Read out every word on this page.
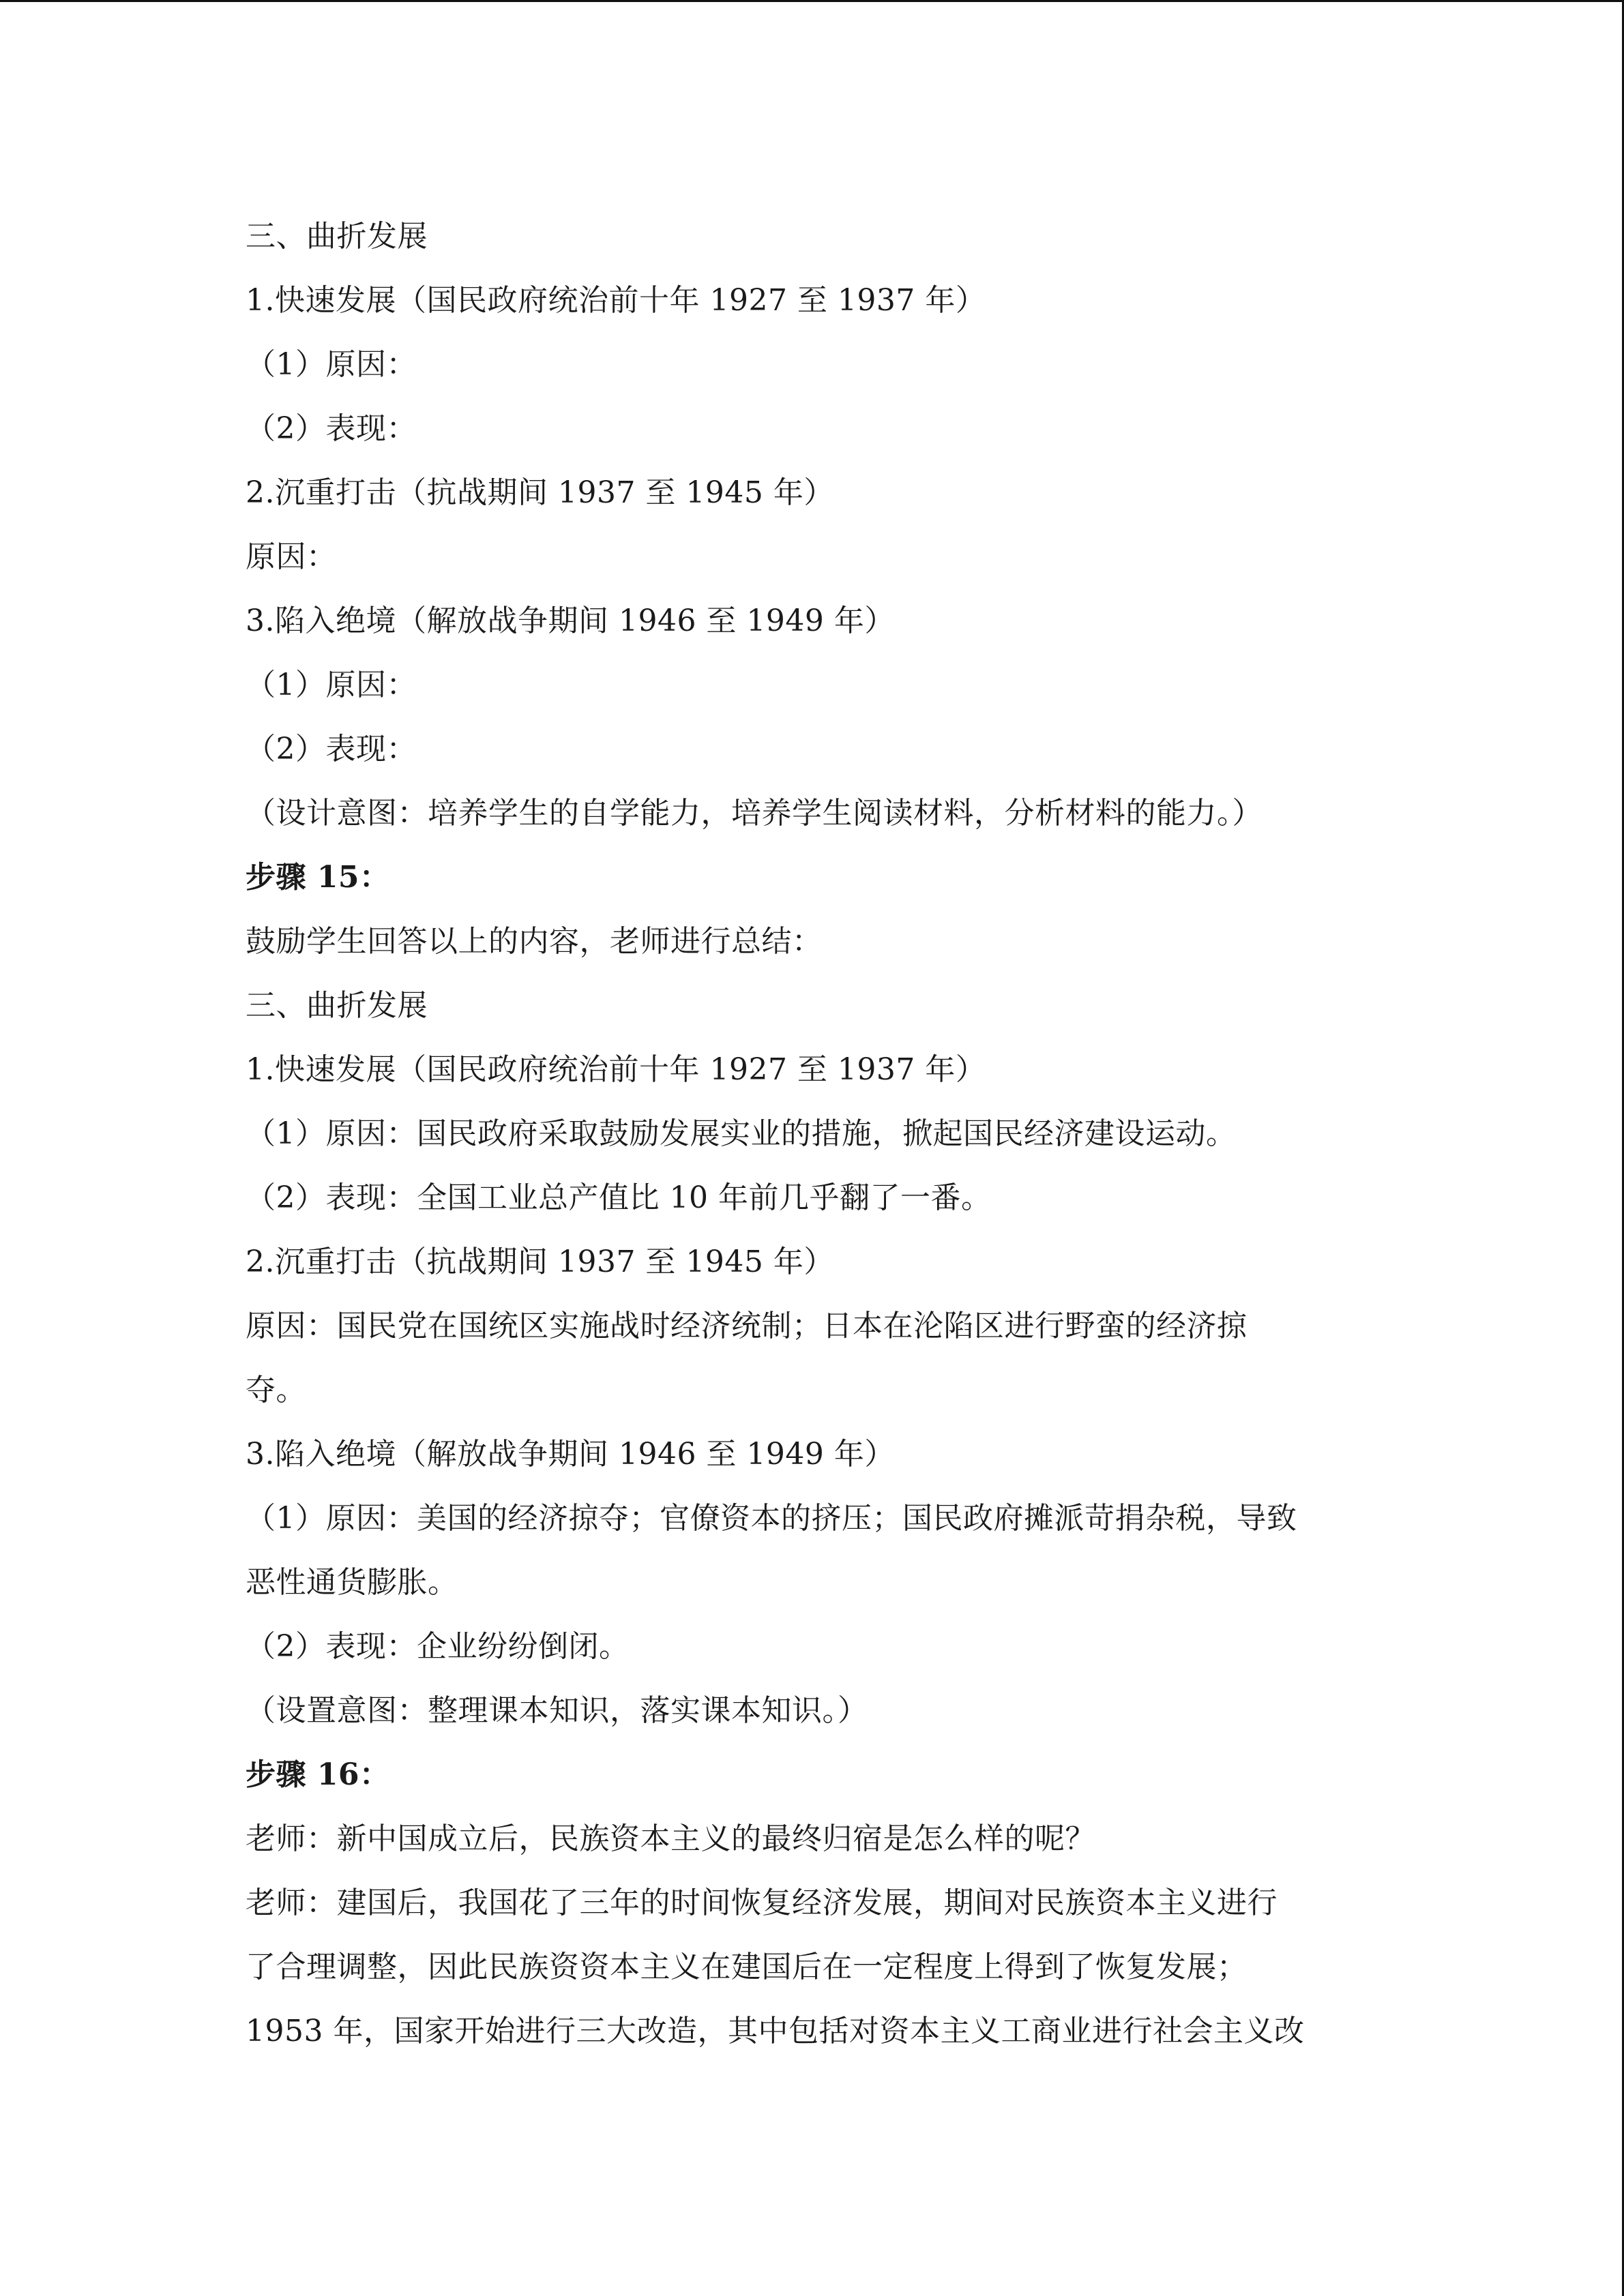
三、曲折发展
1.快速发展（国民政府统治前十年 1927 至 1937 年）
（1）原因：
（2）表现：
2.沉重打击（抗战期间 1937 至 1945 年）
原因：
3.陷入绝境（解放战争期间 1946 至 1949 年）
（1）原因：
（2）表现：
（设计意图：培养学生的自学能力，培养学生阅读材料，分析材料的能力。）
步骤 15：
鼓励学生回答以上的内容，老师进行总结：
三、曲折发展
1.快速发展（国民政府统治前十年 1927 至 1937 年）
（1）原因：国民政府采取鼓励发展实业的措施，掀起国民经济建设运动。
（2）表现：全国工业总产值比 10 年前几乎翻了一番。
2.沉重打击（抗战期间 1937 至 1945 年）
原因：国民党在国统区实施战时经济统制；日本在沦陷区进行野蛮的经济掠
夺。
3.陷入绝境（解放战争期间 1946 至 1949 年）
（1）原因：美国的经济掠夺；官僚资本的挤压；国民政府摊派苛捐杂税，导致
恶性通货膨胀。
（2）表现：企业纷纷倒闭。
（设置意图：整理课本知识，落实课本知识。）
步骤 16：
老师：新中国成立后，民族资本主义的最终归宿是怎么样的呢？
老师：建国后，我国花了三年的时间恢复经济发展，期间对民族资本主义进行
了合理调整，因此民族资资本主义在建国后在一定程度上得到了恢复发展；
1953 年，国家开始进行三大改造，其中包括对资本主义工商业进行社会主义改
